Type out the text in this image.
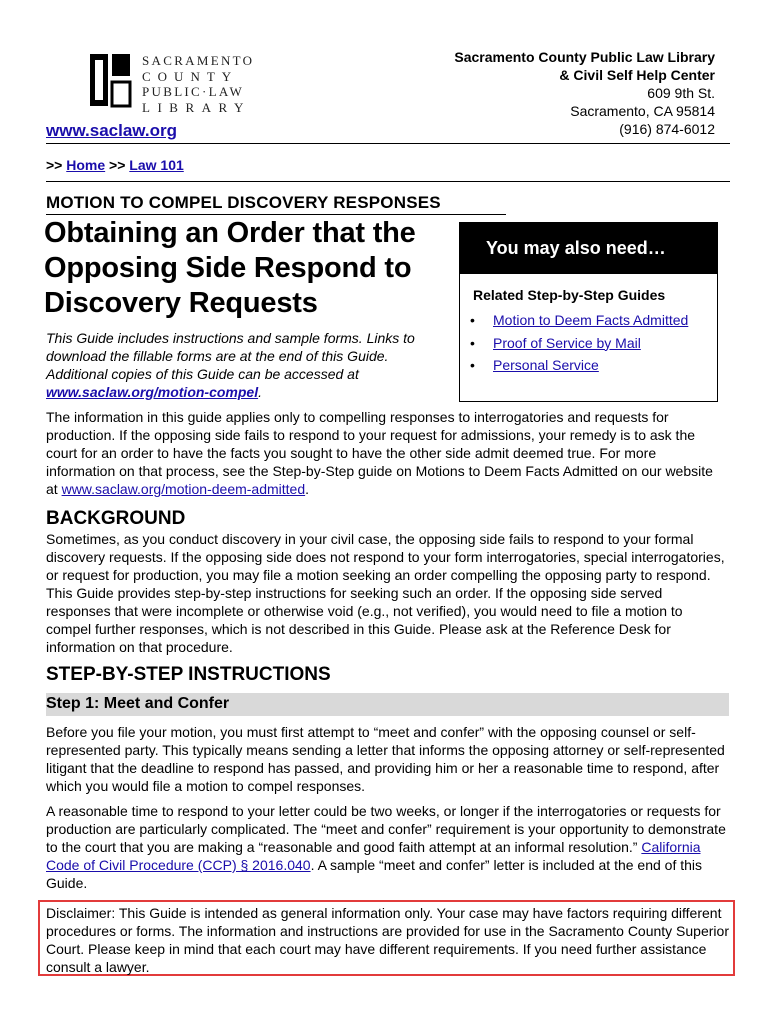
SACRAMENTO
COUNTY
PUBLIC·LAW
LIBRARY
www.saclaw.org
Sacramento County Public Law Library
& Civil Self Help Center
609 9th St.
Sacramento, CA 95814
(916) 874-6012
>> Home >> Law 101
MOTION TO COMPEL DISCOVERY RESPONSES
Obtaining an Order that the Opposing Side Respond to Discovery Requests
This Guide includes instructions and sample forms. Links to download the fillable forms are at the end of this Guide. Additional copies of this Guide can be accessed at www.saclaw.org/motion-compel.
You may also need…
Related Step-by-Step Guides
•	Motion to Deem Facts Admitted
•	Proof of Service by Mail
•	Personal Service
The information in this guide applies only to compelling responses to interrogatories and requests for production. If the opposing side fails to respond to your request for admissions, your remedy is to ask the court for an order to have the facts you sought to have the other side admit deemed true. For more information on that process, see the Step-by-Step guide on Motions to Deem Facts Admitted on our website at www.saclaw.org/motion-deem-admitted.
BACKGROUND
Sometimes, as you conduct discovery in your civil case, the opposing side fails to respond to your formal discovery requests. If the opposing side does not respond to your form interrogatories, special interrogatories, or request for production, you may file a motion seeking an order compelling the opposing party to respond. This Guide provides step-by-step instructions for seeking such an order. If the opposing side served responses that were incomplete or otherwise void (e.g., not verified), you would need to file a motion to compel further responses, which is not described in this Guide. Please ask at the Reference Desk for information on that procedure.
STEP-BY-STEP INSTRUCTIONS
Step 1: Meet and Confer
Before you file your motion, you must first attempt to “meet and confer” with the opposing counsel or self-represented party. This typically means sending a letter that informs the opposing attorney or self-represented litigant that the deadline to respond has passed, and providing him or her a reasonable time to respond, after which you would file a motion to compel responses.
A reasonable time to respond to your letter could be two weeks, or longer if the interrogatories or requests for production are particularly complicated. The “meet and confer” requirement is your opportunity to demonstrate to the court that you are making a “reasonable and good faith attempt at an informal resolution.” California Code of Civil Procedure (CCP) § 2016.040. A sample “meet and confer” letter is included at the end of this Guide.
Disclaimer: This Guide is intended as general information only. Your case may have factors requiring different procedures or forms. The information and instructions are provided for use in the Sacramento County Superior Court. Please keep in mind that each court may have different requirements. If you need further assistance consult a lawyer.
